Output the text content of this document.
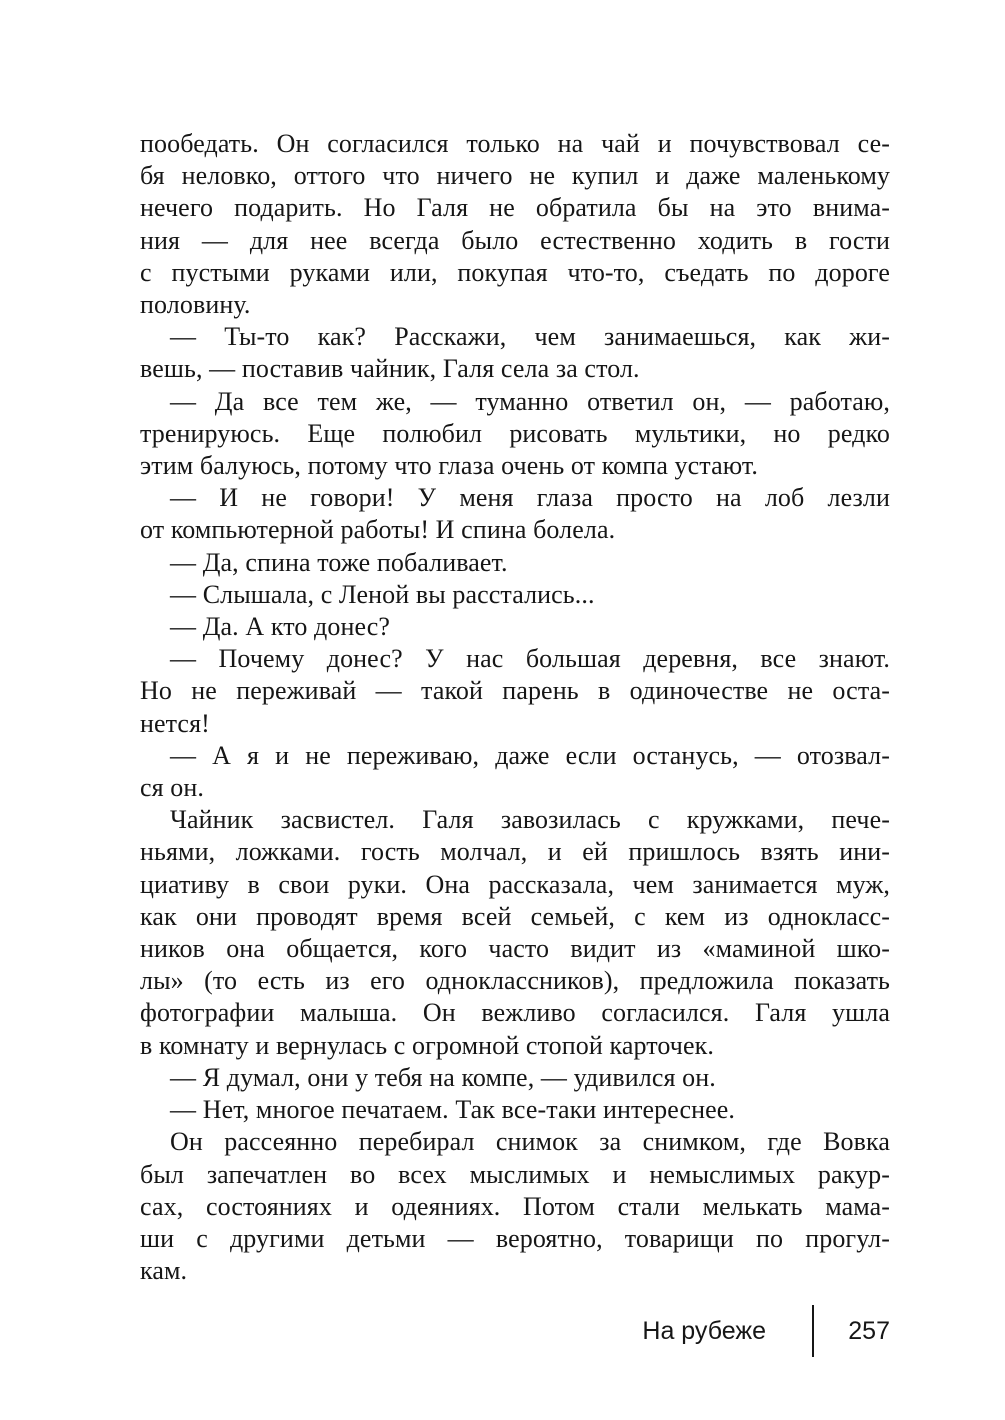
пообедать. Он согласился только на чай и почувствовал се-
бя неловко, оттого что ничего не купил и даже маленькому
нечего подарить. Но Галя не обратила бы на это внима-
ния — для нее всегда было естественно ходить в гости
с пустыми руками или, покупая что-то, съедать по дороге
половину.
— Ты-то как? Расскажи, чем занимаешься, как жи-
вешь, — поставив чайник, Галя села за стол.
— Да все тем же, — туманно ответил он, — работаю,
тренируюсь. Еще полюбил рисовать мультики, но редко
этим балуюсь, потому что глаза очень от компа устают.
— И не говори! У меня глаза просто на лоб лезли
от компьютерной работы! И спина болела.
— Да, спина тоже побаливает.
— Слышала, с Леной вы расстались...
— Да. А кто донес?
— Почему донес? У нас большая деревня, все знают.
Но не переживай — такой парень в одиночестве не оста-
нется!
— А я и не переживаю, даже если останусь, — отозвал-
ся он.
Чайник засвистел. Галя завозилась с кружками, пече-
ньями, ложками. гость молчал, и ей пришлось взять ини-
циативу в свои руки. Она рассказала, чем занимается муж,
как они проводят время всей семьей, с кем из однокласс-
ников она общается, кого часто видит из «маминой шко-
лы» (то есть из его одноклассников), предложила показать
фотографии малыша. Он вежливо согласился. Галя ушла
в комнату и вернулась с огромной стопой карточек.
— Я думал, они у тебя на компе, — удивился он.
— Нет, многое печатаем. Так все-таки интереснее.
Он рассеянно перебирал снимок за снимком, где Вовка
был запечатлен во всех мыслимых и немыслимых ракур-
сах, состояниях и одеяниях. Потом стали мелькать мама-
ши с другими детьми — вероятно, товарищи по прогул-
кам.
На рубеже	257
